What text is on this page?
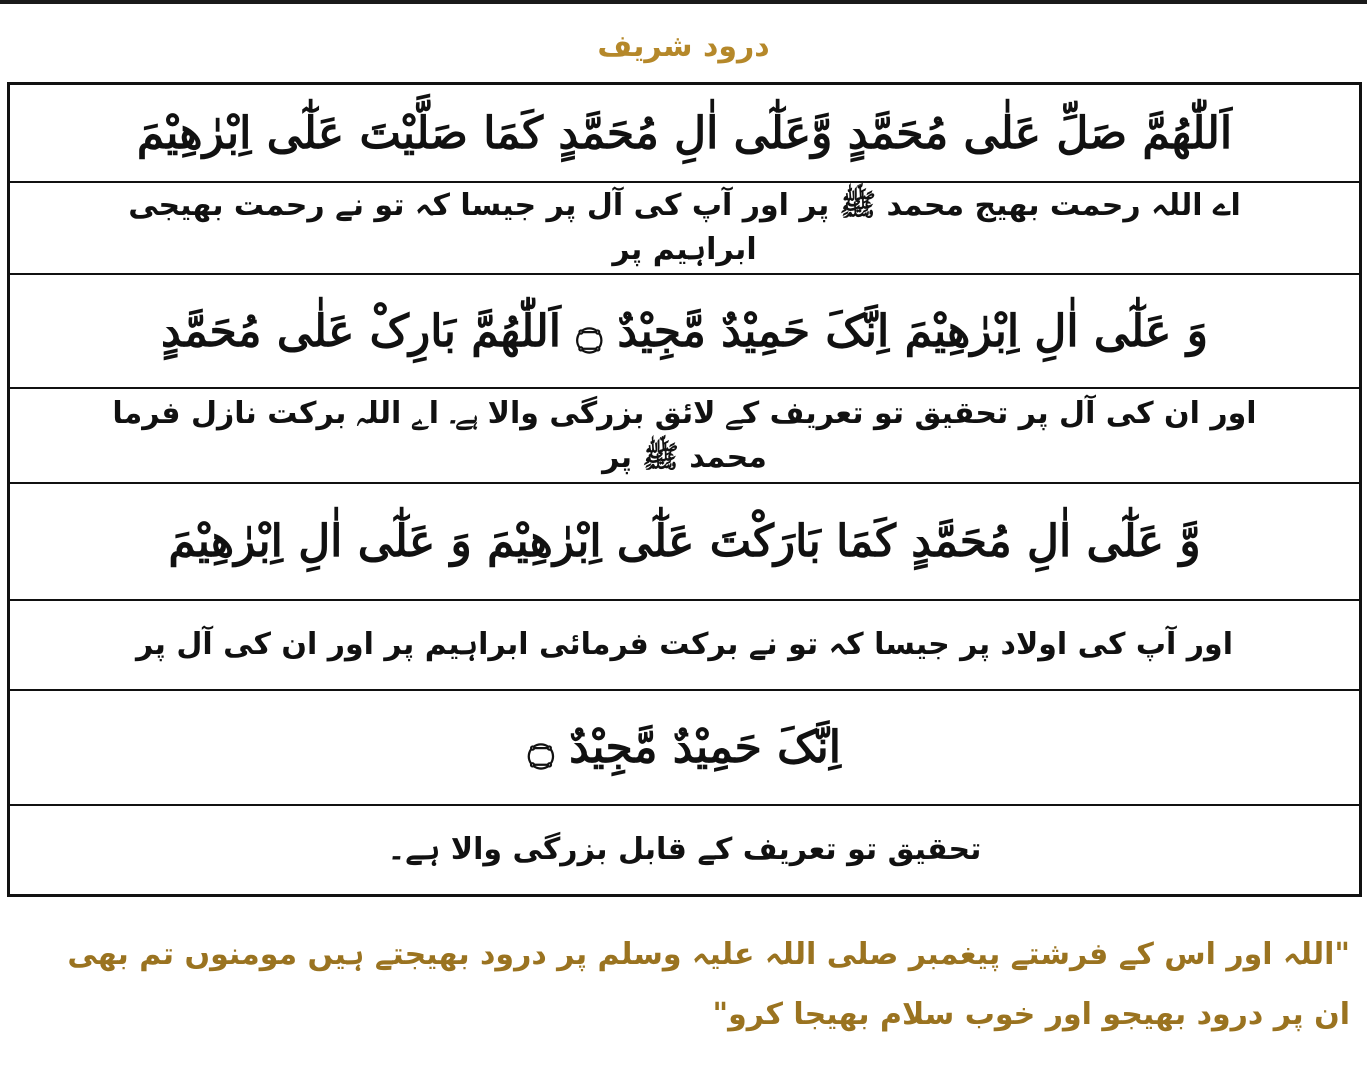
درود شریف
اَللّٰھُمَّ صَلِّ عَلٰی مُحَمَّدٍ وَّعَلٰٓی اٰلِ مُحَمَّدٍ کَمَا صَلَّیْتَ عَلٰٓی اِبْرٰھِیْمَ
اے اللہ رحمت بھیج محمد ﷺ پر اور آپ کی آل پر جیسا کہ تو نے رحمت بھیجی ابراہیم پر
وَ عَلٰٓی اٰلِ اِبْرٰھِیْمَ اِنَّکَ حَمِیْدٌ مَّجِیْدٌ ۝ اَللّٰھُمَّ بَارِکْ عَلٰی مُحَمَّدٍ
اور ان کی آل پر تحقیق تو تعریف کے لائق بزرگی والا ہے۔ اے اللہ برکت نازل فرما محمد ﷺ پر
وَّ عَلٰٓی اٰلِ مُحَمَّدٍ کَمَا بَارَکْتَ عَلٰٓی اِبْرٰھِیْمَ وَ عَلٰٓی اٰلِ اِبْرٰھِیْمَ
اور آپ کی اولاد پر جیسا کہ تو نے برکت فرمائی ابراہیم پر اور ان کی آل پر
اِنَّکَ حَمِیْدٌ مَّجِیْدٌ ۝
تحقیق تو تعریف کے قابل بزرگی والا ہے۔
"اللہ اور اس کے فرشتے پیغمبر صلی اللہ علیہ وسلم پر درود بھیجتے ہیں مومنوں تم بھی ان پر درود بھیجو اور خوب سلام بھیجا کرو"
